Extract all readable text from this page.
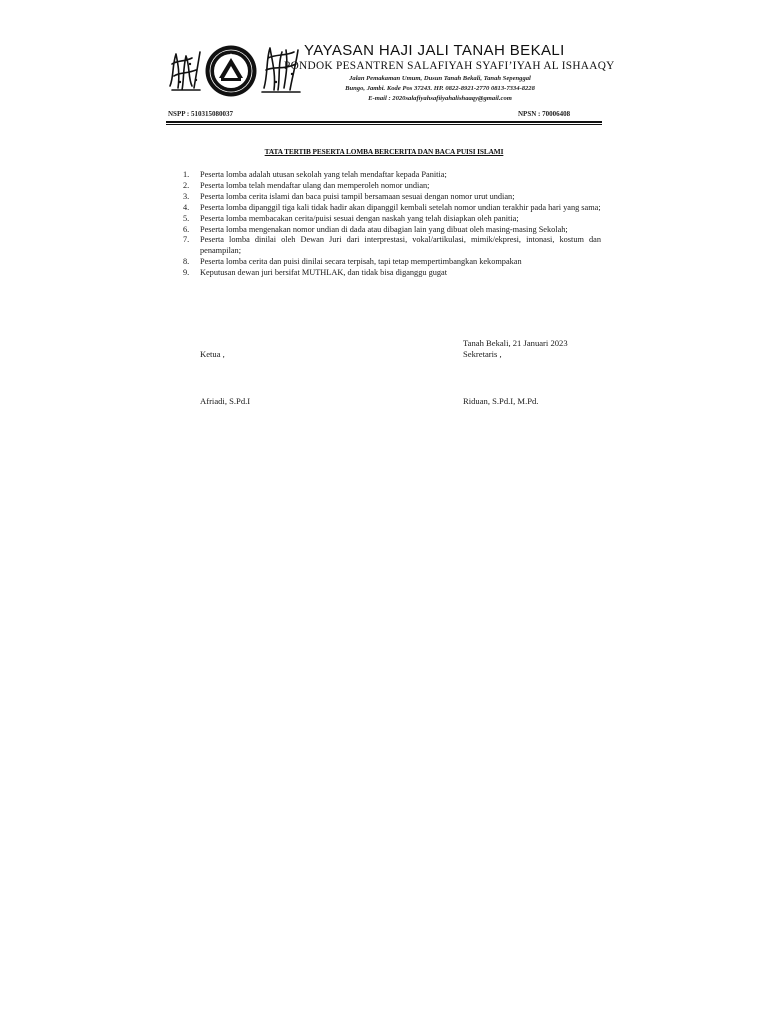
YAYASAN HAJI JALI TANAH BEKALI
PONDOK PESANTREN SALAFIYAH SYAFI’IYAH AL ISHAAQY
Jalan Pemakaman Umum, Dusun Tanah Bekali, Tanah Sepenggal
Bungo, Jambi. Kode Pos 37243. HP. 0822-8921-2770 0813-7334-8228
E-mail : 2020salafiyahsafiiyahalishaaqy@gmail.com
NSPP : 510315080037	NPSN : 70006408
TATA TERTIB PESERTA LOMBA BERCERITA DAN BACA PUISI ISLAMI
1. Peserta lomba adalah utusan sekolah yang telah mendaftar kepada Panitia;
2. Peserta lomba telah mendaftar ulang dan memperoleh nomor undian;
3. Peserta lomba cerita islami dan baca puisi tampil bersamaan sesuai dengan nomor urut undian;
4. Peserta lomba dipanggil tiga kali tidak hadir akan dipanggil kembali setelah nomor undian terakhir pada hari yang sama;
5. Peserta lomba membacakan cerita/puisi sesuai dengan naskah yang telah disiapkan oleh panitia;
6. Peserta lomba mengenakan nomor undian di dada atau dibagian lain yang dibuat oleh masing-masing Sekolah;
7. Peserta lomba dinilai oleh Dewan Juri dari interprestasi, vokal/artikulasi, mimik/ekpresi, intonasi, kostum dan penampilan;
8. Peserta lomba cerita dan puisi dinilai secara terpisah, tapi tetap mempertimbangkan kekompakan
9. Keputusan dewan juri bersifat MUTHLAK, dan tidak bisa diganggu gugat
Tanah Bekali, 21 Januari 2023
Ketua ,	Sekretaris ,
Afriadi, S.Pd.I	Riduan, S.Pd.I, M.Pd.
